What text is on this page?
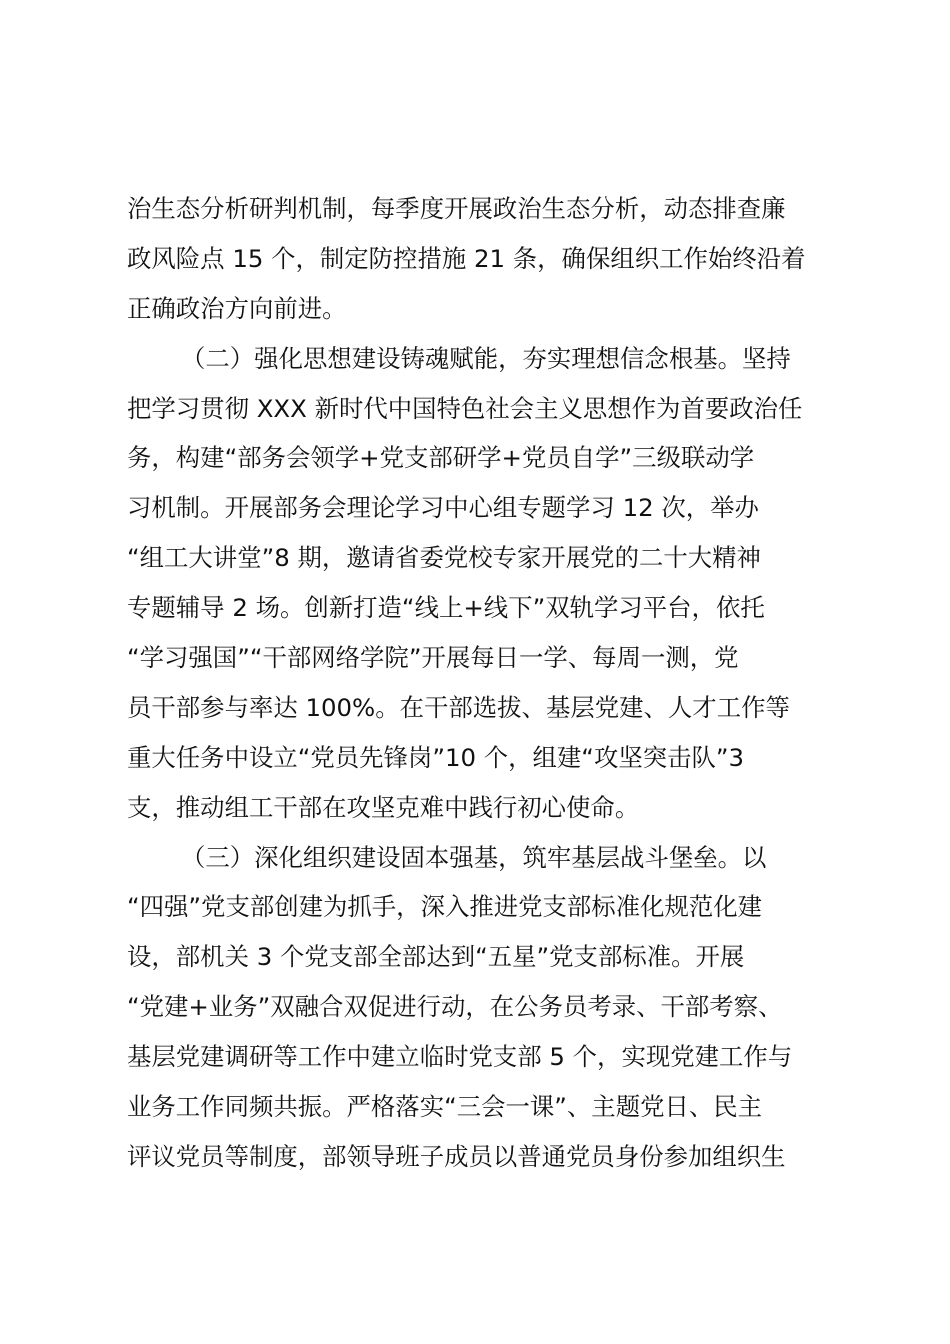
治生态分析研判机制，每季度开展政治生态分析，动态排查廉
政风险点 15 个，制定防控措施 21 条，确保组织工作始终沿着
正确政治方向前进。
（二）强化思想建设铸魂赋能，夯实理想信念根基。坚持
把学习贯彻 XXX 新时代中国特色社会主义思想作为首要政治任
务，构建“部务会领学+党支部研学+党员自学”三级联动学
习机制。开展部务会理论学习中心组专题学习 12 次，举办
“组工大讲堂”8 期，邀请省委党校专家开展党的二十大精神
专题辅导 2 场。创新打造“线上+线下”双轨学习平台，依托
“学习强国”“干部网络学院”开展每日一学、每周一测，党
员干部参与率达 100%。在干部选拔、基层党建、人才工作等
重大任务中设立“党员先锋岗”10 个，组建“攻坚突击队”3
支，推动组工干部在攻坚克难中践行初心使命。
（三）深化组织建设固本强基，筑牢基层战斗堡垒。以
“四强”党支部创建为抓手，深入推进党支部标准化规范化建
设，部机关 3 个党支部全部达到“五星”党支部标准。开展
“党建+业务”双融合双促进行动，在公务员考录、干部考察、
基层党建调研等工作中建立临时党支部 5 个，实现党建工作与
业务工作同频共振。严格落实“三会一课”、主题党日、民主
评议党员等制度，部领导班子成员以普通党员身份参加组织生
